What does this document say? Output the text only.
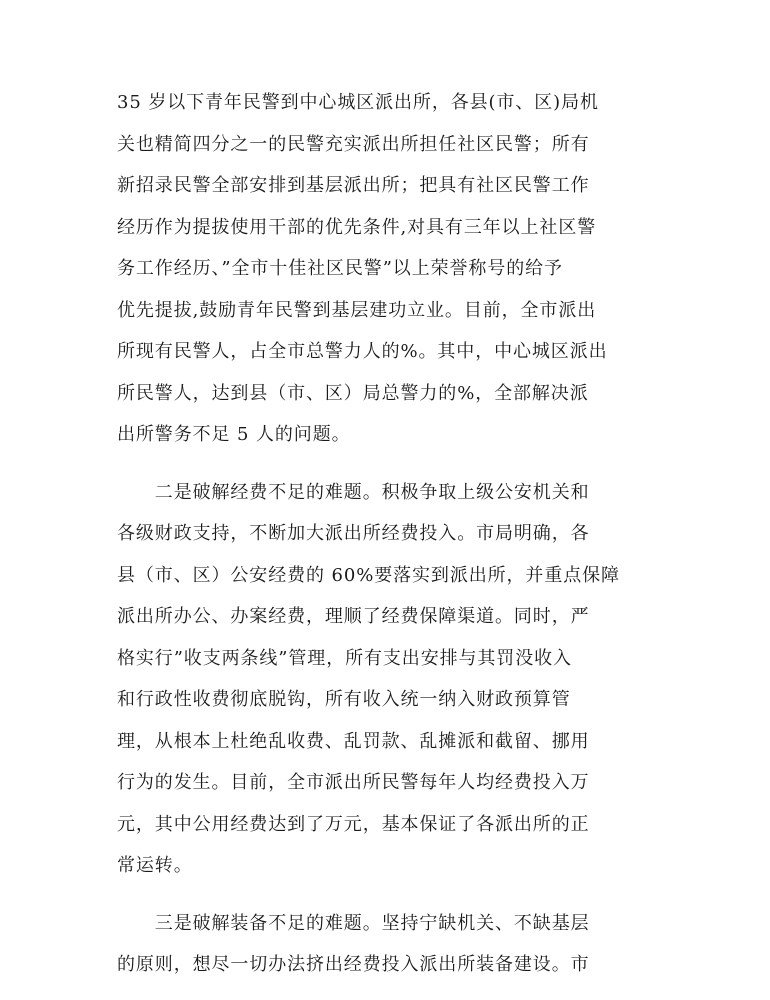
35 岁以下青年民警到中心城区派出所，各县(市、区)局机
关也精简四分之一的民警充实派出所担任社区民警；所有
新招录民警全部安排到基层派出所；把具有社区民警工作
经历作为提拔使用干部的优先条件,对具有三年以上社区警
务工作经历、”全市十佳社区民警”以上荣誉称号的给予
优先提拔,鼓励青年民警到基层建功立业。目前，全市派出
所现有民警人，占全市总警力人的%。其中，中心城区派出
所民警人，达到县（市、区）局总警力的%，全部解决派
出所警务不足 5 人的问题。
　　二是破解经费不足的难题。积极争取上级公安机关和
各级财政支持，不断加大派出所经费投入。市局明确，各
县（市、区）公安经费的 60%要落实到派出所，并重点保障
派出所办公、办案经费，理顺了经费保障渠道。同时，严
格实行”收支两条线”管理，所有支出安排与其罚没收入
和行政性收费彻底脱钩，所有收入统一纳入财政预算管
理，从根本上杜绝乱收费、乱罚款、乱摊派和截留、挪用
行为的发生。目前，全市派出所民警每年人均经费投入万
元，其中公用经费达到了万元，基本保证了各派出所的正
常运转。
　　三是破解装备不足的难题。坚持宁缺机关、不缺基层
的原则，想尽一切办法挤出经费投入派出所装备建设。市
